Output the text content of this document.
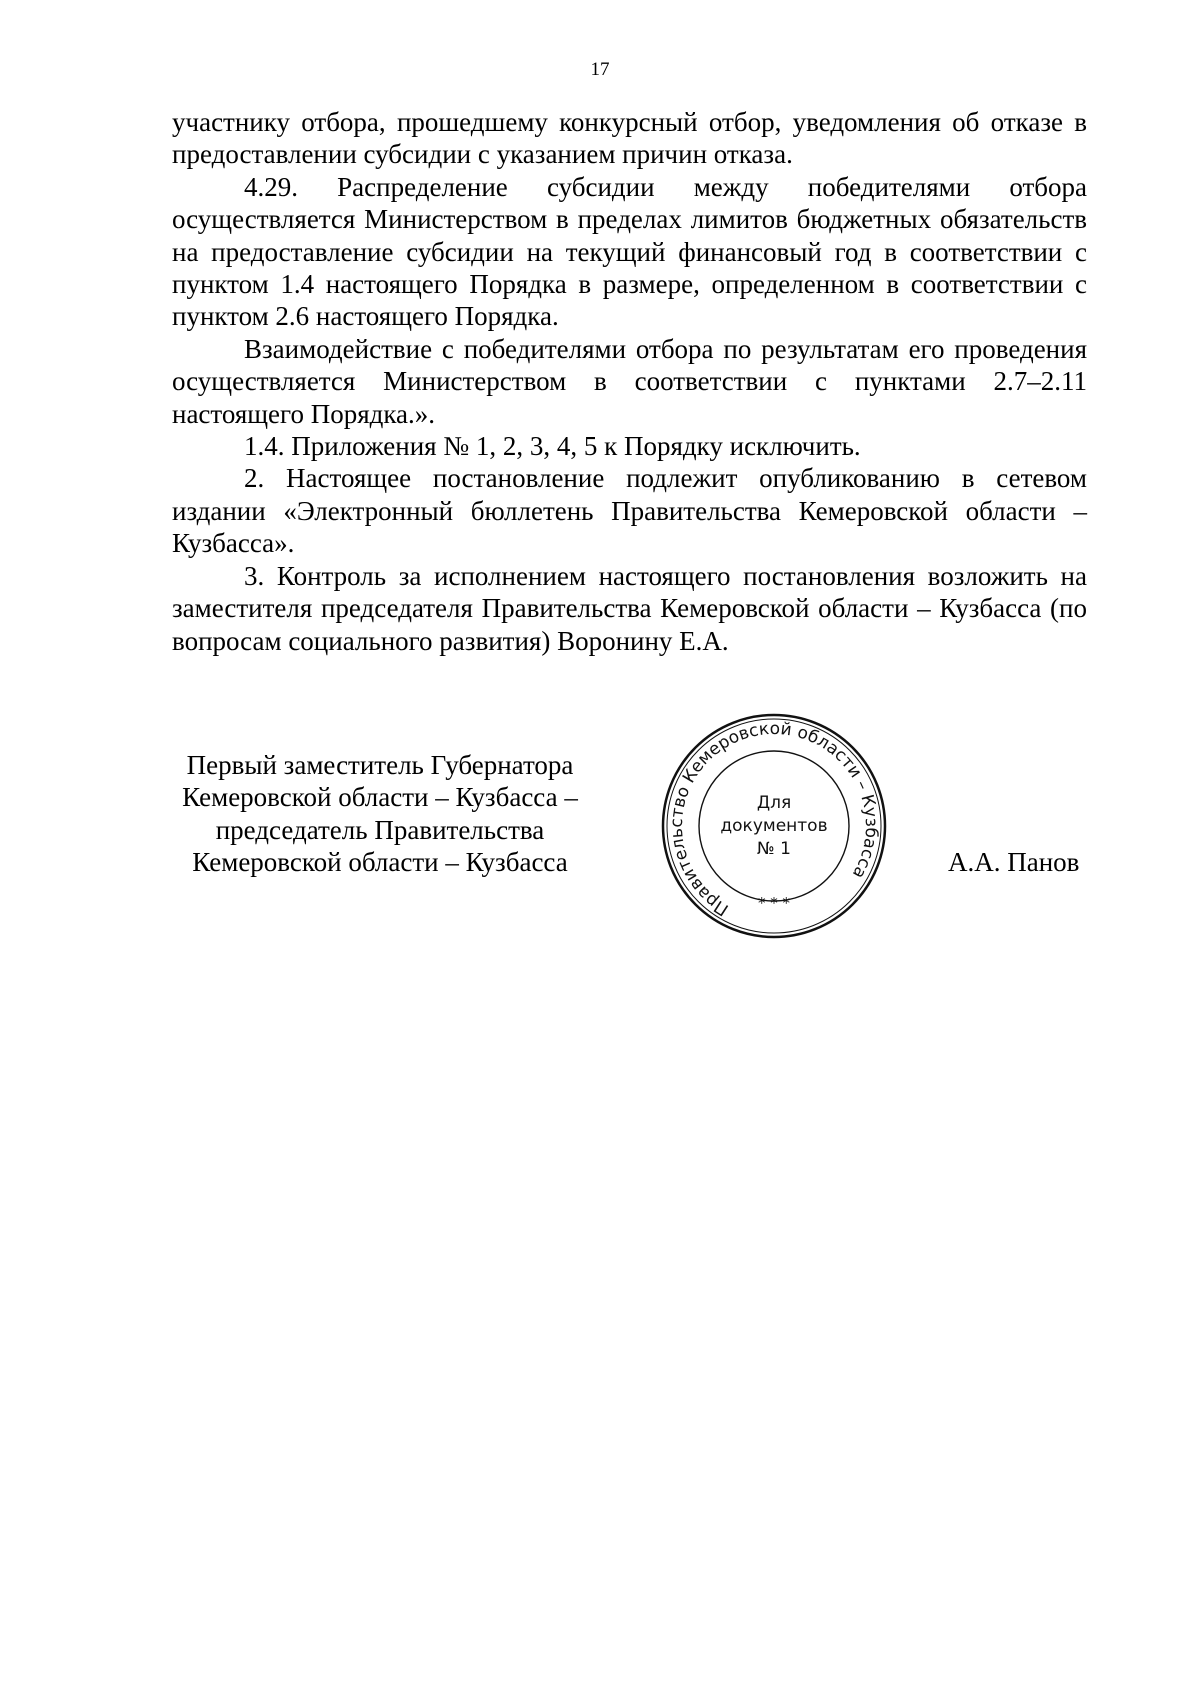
17

участнику отбора, прошедшему конкурсный отбор, уведомления об отказе в предоставлении субсидии с указанием причин отказа.

4.29. Распределение субсидии между победителями отбора осуществляется Министерством в пределах лимитов бюджетных обязательств на предоставление субсидии на текущий финансовый год в соответствии с пунктом 1.4 настоящего Порядка в размере, определенном в соответствии с пунктом 2.6 настоящего Порядка.

Взаимодействие с победителями отбора по результатам его проведения осуществляется Министерством в соответствии с пунктами 2.7–2.11 настоящего Порядка.».

1.4. Приложения № 1, 2, 3, 4, 5 к Порядку исключить.

2. Настоящее постановление подлежит опубликованию в сетевом издании «Электронный бюллетень Правительства Кемеровской области – Кузбасса».

3. Контроль за исполнением настоящего постановления возложить на заместителя председателя Правительства Кемеровской области – Кузбасса (по вопросам социального развития) Воронину Е.А.

Первый заместитель Губернатора
Кемеровской области – Кузбасса –
председатель Правительства
Кемеровской области – Кузбасса
Правительство Кемеровской области – Кузбасса
* * *
Для
документов
№ 1	А.А. Панов
